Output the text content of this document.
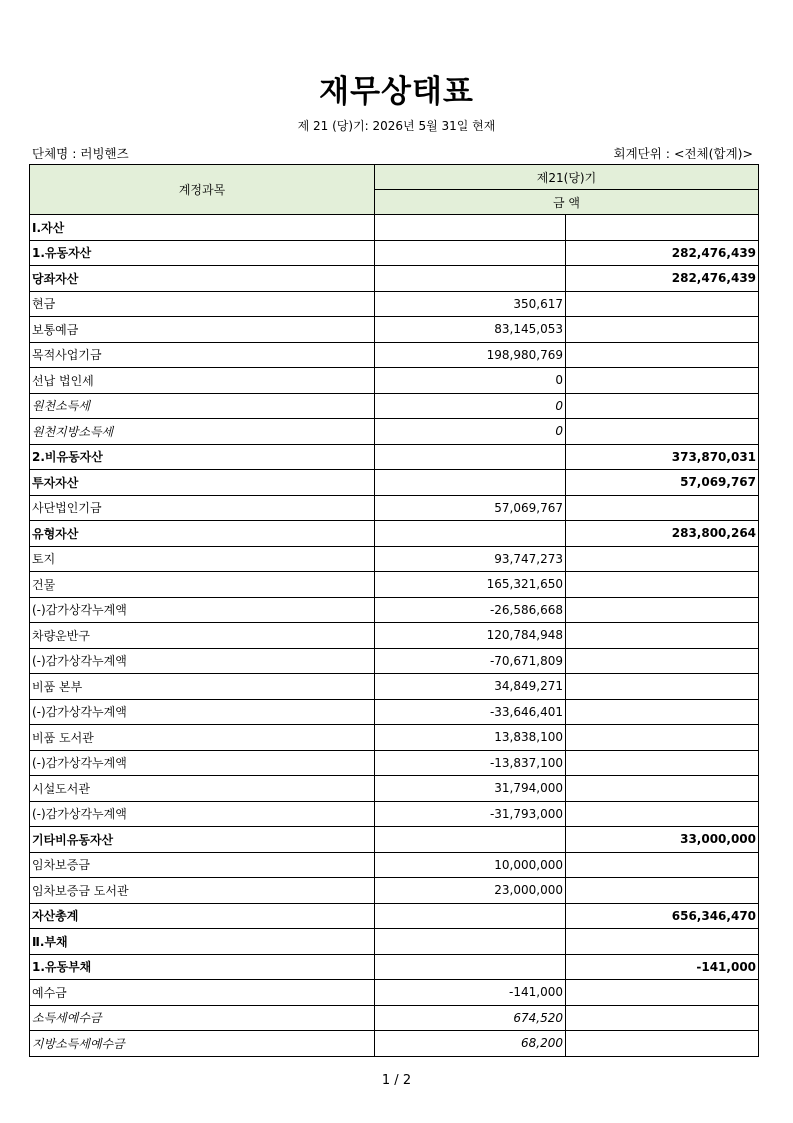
재무상태표
제 21 (당)기: 2026년 5월 31일 현재
단체명 : 러빙핸즈	회계단위 : <전체(합계)>
계정과목	제21(당)기	
	금 액	
Ⅰ.자산		
1.유동자산		282,476,439
당좌자산		282,476,439
현금	350,617	
보통예금	83,145,053	
목적사업기금	198,980,769	
선납 법인세	0	
원천소득세	0	
원천지방소득세	0	
2.비유동자산		373,870,031
투자자산		57,069,767
사단법인기금	57,069,767	
유형자산		283,800,264
토지	93,747,273	
건물	165,321,650	
(-)감가상각누계액	-26,586,668	
차량운반구	120,784,948	
(-)감가상각누계액	-70,671,809	
비품 본부	34,849,271	
(-)감가상각누계액	-33,646,401	
비품 도서관	13,838,100	
(-)감가상각누계액	-13,837,100	
시설도서관	31,794,000	
(-)감가상각누계액	-31,793,000	
기타비유동자산		33,000,000
임차보증금	10,000,000	
임차보증금 도서관	23,000,000	
자산총계		656,346,470
Ⅱ.부채		
1.유동부채		-141,000
예수금	-141,000	
소득세예수금	674,520	
지방소득세예수금	68,200	
1 / 2
